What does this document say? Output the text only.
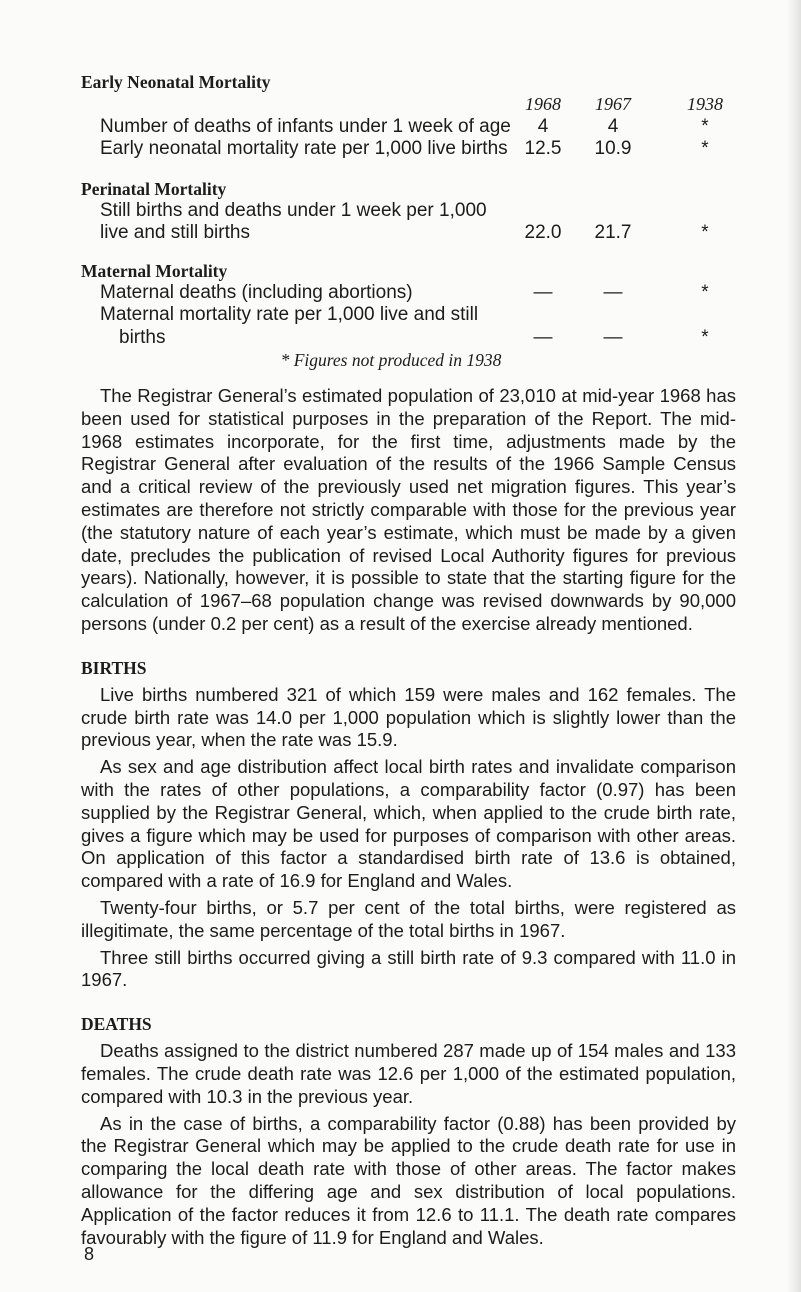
Early Neonatal Mortality
1968	1967	1938
Number of deaths of infants under 1 week of age	4	4	*
Early neonatal mortality rate per 1,000 live births 12.5	10.9	*
Perinatal Mortality
Still births and deaths under 1 week per 1,000
live and still births	22.0	21.7	*
Maternal Mortality
Maternal deaths (including abortions)	—	—	*
Maternal mortality rate per 1,000 live and still
births	—	—	*
* Figures not produced in 1938

The Registrar General’s estimated population of 23,010 at mid-year 1968 has been used for statistical purposes in the preparation of the Report. The mid-1968 estimates incorporate, for the first time, adjustments made by the Registrar General after evaluation of the results of the 1966 Sample Census and a critical review of the previously used net migration figures. This year’s estimates are therefore not strictly comparable with those for the previous year (the statutory nature of each year’s estimate, which must be made by a given date, precludes the publication of revised Local Authority figures for previous years). Nationally, however, it is possible to state that the starting figure for the calculation of 1967–68 population change was revised downwards by 90,000 persons (under 0.2 per cent) as a result of the exercise already mentioned.

BIRTHS

Live births numbered 321 of which 159 were males and 162 females. The crude birth rate was 14.0 per 1,000 population which is slightly lower than the previous year, when the rate was 15.9.

As sex and age distribution affect local birth rates and invalidate comparison with the rates of other populations, a comparability factor (0.97) has been supplied by the Registrar General, which, when applied to the crude birth rate, gives a figure which may be used for purposes of comparison with other areas. On application of this factor a standardised birth rate of 13.6 is obtained, compared with a rate of 16.9 for England and Wales.

Twenty-four births, or 5.7 per cent of the total births, were registered as illegitimate, the same percentage of the total births in 1967.

Three still births occurred giving a still birth rate of 9.3 compared with 11.0 in 1967.

DEATHS

Deaths assigned to the district numbered 287 made up of 154 males and 133 females. The crude death rate was 12.6 per 1,000 of the estimated population, compared with 10.3 in the previous year.

As in the case of births, a comparability factor (0.88) has been provided by the Registrar General which may be applied to the crude death rate for use in comparing the local death rate with those of other areas. The factor makes allowance for the differing age and sex distribution of local populations. Application of the factor reduces it from 12.6 to 11.1. The death rate compares favourably with the figure of 11.9 for England and Wales.

8
